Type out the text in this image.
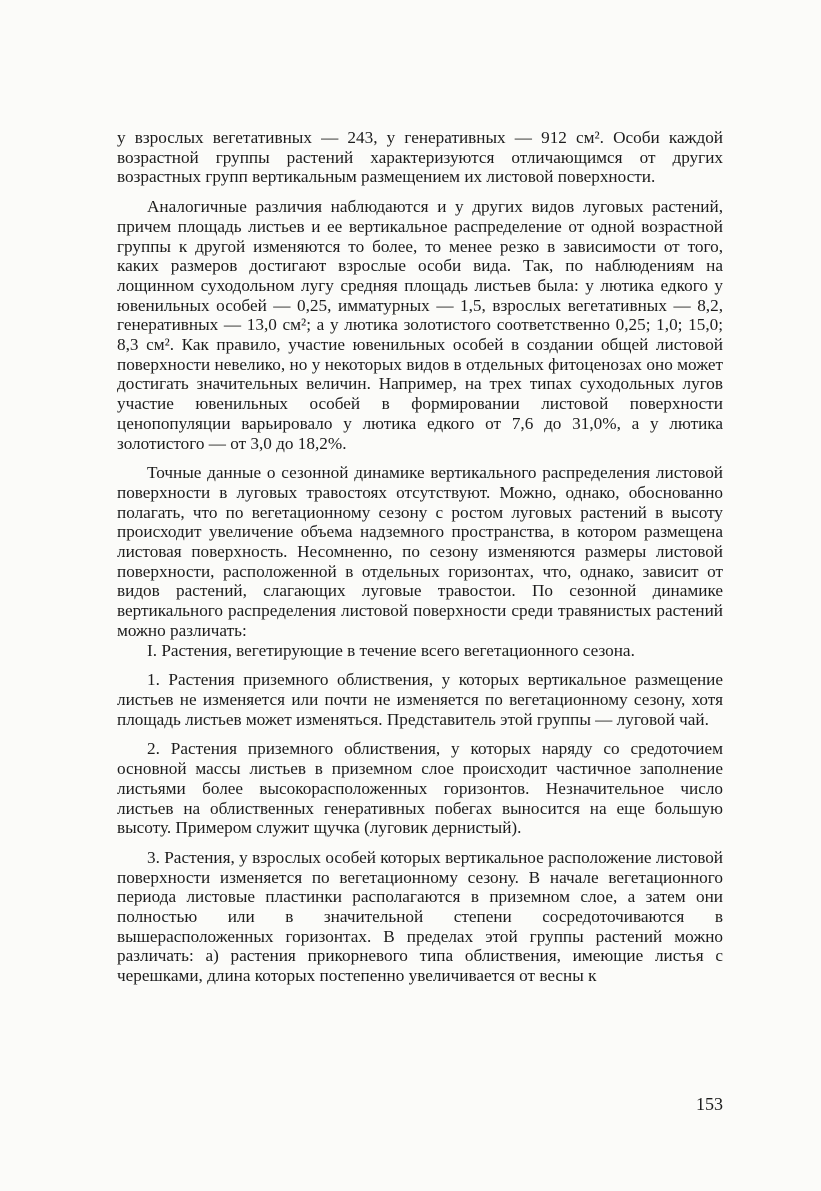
у взрослых вегетативных — 243, у генеративных — 912 см². Особи каждой возрастной группы растений характеризуются отличающимся от других возрастных групп вертикальным размещением их листовой поверхности.

Аналогичные различия наблюдаются и у других видов луговых растений, причем площадь листьев и ее вертикальное распределение от одной возрастной группы к другой изменяются то более, то менее резко в зависимости от того, каких размеров достигают взрослые особи вида. Так, по наблюдениям на лощинном суходольном лугу средняя площадь листьев была: у лютика едкого у ювенильных особей — 0,25, имматурных — 1,5, взрослых вегетативных — 8,2, генеративных — 13,0 см²; а у лютика золотистого соответственно 0,25; 1,0; 15,0; 8,3 см². Как правило, участие ювенильных особей в создании общей листовой поверхности невелико, но у некоторых видов в отдельных фитоценозах оно может достигать значительных величин. Например, на трех типах суходольных лугов участие ювенильных особей в формировании листовой поверхности ценопопуляции варьировало у лютика едкого от 7,6 до 31,0%, а у лютика золотистого — от 3,0 до 18,2%.

Точные данные о сезонной динамике вертикального распределения листовой поверхности в луговых травостоях отсутствуют. Можно, однако, обоснованно полагать, что по вегетационному сезону с ростом луговых растений в высоту происходит увеличение объема надземного пространства, в котором размещена листовая поверхность. Несомненно, по сезону изменяются размеры листовой поверхности, расположенной в отдельных горизонтах, что, однако, зависит от видов растений, слагающих луговые травостои. По сезонной динамике вертикального распределения листовой поверхности среди травянистых растений можно различать:

I. Растения, вегетирующие в течение всего вегетационного сезона.

1. Растения приземного облиствения, у которых вертикальное размещение листьев не изменяется или почти не изменяется по вегетационному сезону, хотя площадь листьев может изменяться. Представитель этой группы — луговой чай.

2. Растения приземного облиствения, у которых наряду со средоточием основной массы листьев в приземном слое происходит частичное заполнение листьями более высокорасположенных горизонтов. Незначительное число листьев на облиственных генеративных побегах выносится на еще большую высоту. Примером служит щучка (луговик дернистый).

3. Растения, у взрослых особей которых вертикальное расположение листовой поверхности изменяется по вегетационному сезону. В начале вегетационного периода листовые пластинки располагаются в приземном слое, а затем они полностью или в значительной степени сосредоточиваются в вышерасположенных горизонтах. В пределах этой группы растений можно различать: а) растения прикорневого типа облиствения, имеющие листья с черешками, длина которых постепенно увеличивается от весны к

153
